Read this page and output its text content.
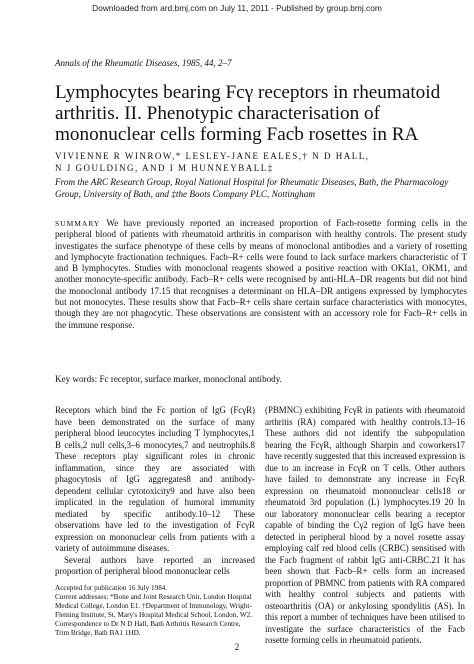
Downloaded from ard.bmj.com on July 11, 2011 - Published by group.bmj.com
Annals of the Rheumatic Diseases, 1985, 44, 2–7
Lymphocytes bearing Fcγ receptors in rheumatoid arthritis. II. Phenotypic characterisation of mononuclear cells forming Facb rosettes in RA
VIVIENNE R WINROW,* LESLEY-JANE EALES,† N D HALL,
N J GOULDING, AND I M HUNNEYBALL‡
From the ARC Research Group, Royal National Hospital for Rheumatic Diseases, Bath, the Pharmacology Group, University of Bath, and ‡the Boots Company PLC, Nottingham
SUMMARY We have previously reported an increased proportion of Facb-rosette forming cells in the peripheral blood of patients with rheumatoid arthritis in comparison with healthy controls. The present study investigates the surface phenotype of these cells by means of monoclonal antibodies and a variety of rosetting and lymphocyte fractionation techniques. Facb–R+ cells were found to lack surface markers characteristic of T and B lymphocytes. Studies with monoclonal reagents showed a positive reaction with OKIa1, OKM1, and another monocyte-specific antibody. Facb–R+ cells were recognised by anti-HLA–DR reagents but did not bind the monoclonal antibody 17.15 that recognises a determinant on HLA–DR antigens expressed by lymphocytes but not monocytes. These results show that Facb–R+ cells share certain surface characteristics with monocytes, though they are not phagocytic. These observations are consistent with an accessory role for Facb–R+ cells in the immune response.
Key words: Fc receptor, surface marker, monoclonal antibody.

Receptors which bind the Fc portion of IgG (FcγR) have been demonstrated on the surface of many peripheral blood leucocytes including T lymphocytes,1 B cells,2 null cells,3–6 monocytes,7 and neutrophils.8 These receptors play significant roles in chronic inflammation, since they are associated with phagocytosis of IgG aggregates8 and antibody-dependent cellular cytotoxicity9 and have also been implicated in the regulation of humoral immunity mediated by specific antibody.10–12 These observations have led to the investigation of FcγR expression on mononuclear cells from patients with a variety of autoimmune diseases.

Several authors have reported an increased proportion of peripheral blood mononuclear cells

(PBMNC) exhibiting FcγR in patients with rheumatoid arthritis (RA) compared with healthy controls.13–16 These authors did not identify the subpopulation bearing the FcγR, although Sharpin and coworkers17 have recently suggested that this increased expression is due to an increase in FcγR on T cells. Other authors have failed to demonstrate any increase in FcγR expression on rheumatoid mononuclear cells18 or rheumatoid 3rd population (L) lymphocytes.19 20 In our laboratory mononuclear cells bearing a receptor capable of binding the Cγ2 region of IgG have been detected in peripheral blood by a novel rosette assay employing calf red blood cells (CRBC) sensitised with the Facb fragment of rabbit IgG anti-CRBC.21 It has been shown that Facb–R+ cells form an increased proportion of PBMNC from patients with RA compared with healthy control subjects and patients with osteoarthritis (OA) or ankylosing spondylitis (AS). In this report a number of techniques have been utilised to investigate the surface characteristics of the Facb rosette forming cells in rheumatoid patients.

Accepted for publication 16 July 1984.

Current addresses: *Bone and Joint Research Unit, London Hospital Medical College, London E1. †Department of Immunology, Wright-Fleming Institute, St. Mary's Hospital Medical School, London, W2.

Correspondence to Dr N D Hall, Bath Arthritis Research Centre, Trim Bridge, Bath BA1 1HD.

2
